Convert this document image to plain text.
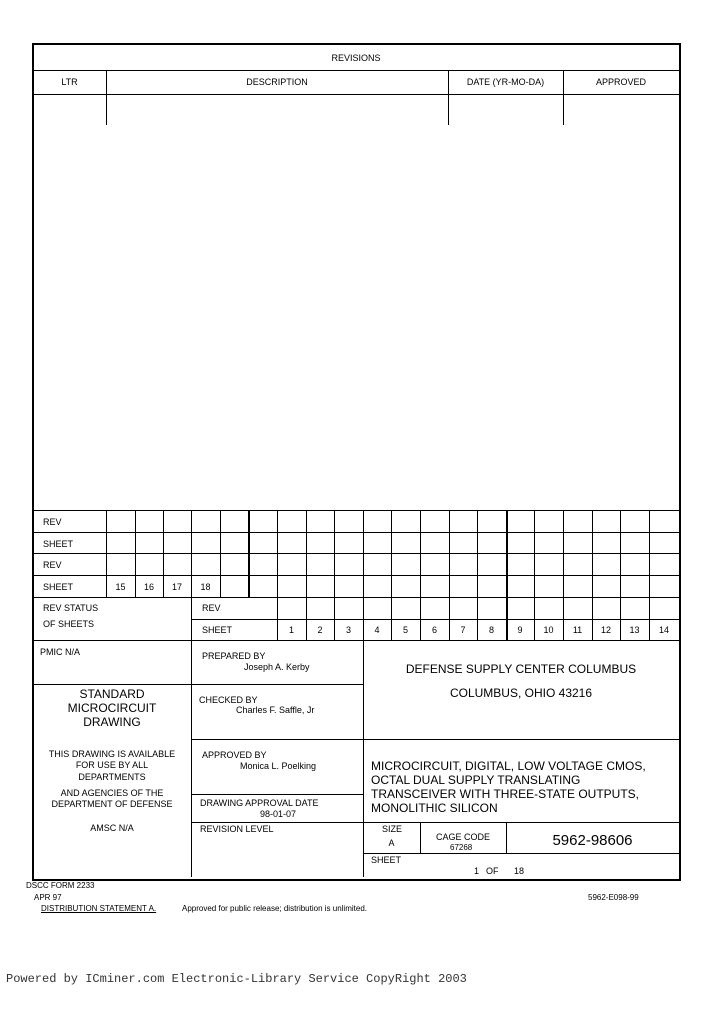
REVISIONS
LTR	DESCRIPTION	DATE (YR-MO-DA)	APPROVED
REV
SHEET
REV
SHEET	15	16	17	18
REV STATUS
OF SHEETS
REV
SHEET	1	2	3	4	5	6	7	8	9	10	11	12	13	14
PMIC N/A
STANDARD
MICROCIRCUIT
DRAWING
THIS DRAWING IS AVAILABLE
FOR USE BY ALL
DEPARTMENTS
AND AGENCIES OF THE
DEPARTMENT OF DEFENSE
AMSC N/A
PREPARED BY
Joseph A. Kerby
CHECKED BY
Charles F. Saffle, Jr
APPROVED BY
Monica L. Poelking
DRAWING APPROVAL DATE
98-01-07
REVISION LEVEL
DEFENSE SUPPLY CENTER COLUMBUS
COLUMBUS, OHIO 43216
MICROCIRCUIT, DIGITAL, LOW VOLTAGE CMOS,
OCTAL DUAL SUPPLY TRANSLATING
TRANSCEIVER WITH THREE-STATE OUTPUTS,
MONOLITHIC SILICON
SIZE
A
CAGE CODE
67268	5962-98606
SHEET
1 OF 18
DSCC FORM 2233
APR 97
DISTRIBUTION STATEMENT A.	Approved for public release; distribution is unlimited.
5962-E098-99
Powered by ICminer.com Electronic-Library Service CopyRight 2003
